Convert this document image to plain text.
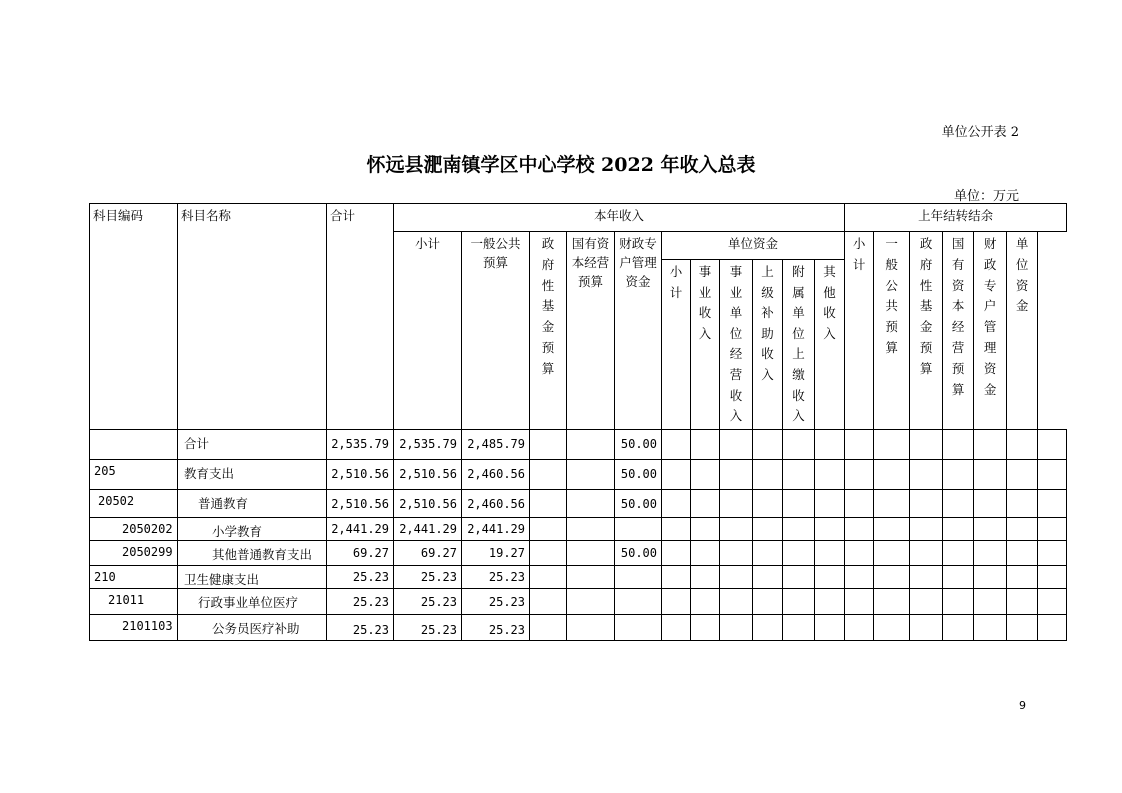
单位公开表 2
怀远县淝南镇学区中心学校 2022 年收入总表
单位：万元
科目编码	科目名称	合计	本年收入											上年结转结余						
			小计	一般公共预算	政府性基金预算	国有资本经营预算	财政专户管理资金	单位资金						小计	一般公共预算	政府性基金预算	国有资本经营预算	财政专户管理资金	单位资金	
								小计	事业收入	事业单位经营收入	上级补助收入	附属单位上缴收入	其他收入							
	合计	2,535.79	2,535.79	2,485.79			50.00													
205	教育支出	2,510.56	2,510.56	2,460.56			50.00													
20502	普通教育	2,510.56	2,510.56	2,460.56			50.00													
2050202	小学教育	2,441.29	2,441.29	2,441.29																
2050299	其他普通教育支出	69.27	69.27	19.27			50.00													
210	卫生健康支出	25.23	25.23	25.23																
21011	行政事业单位医疗	25.23	25.23	25.23																
2101103	公务员医疗补助	25.23	25.23	25.23																
9
